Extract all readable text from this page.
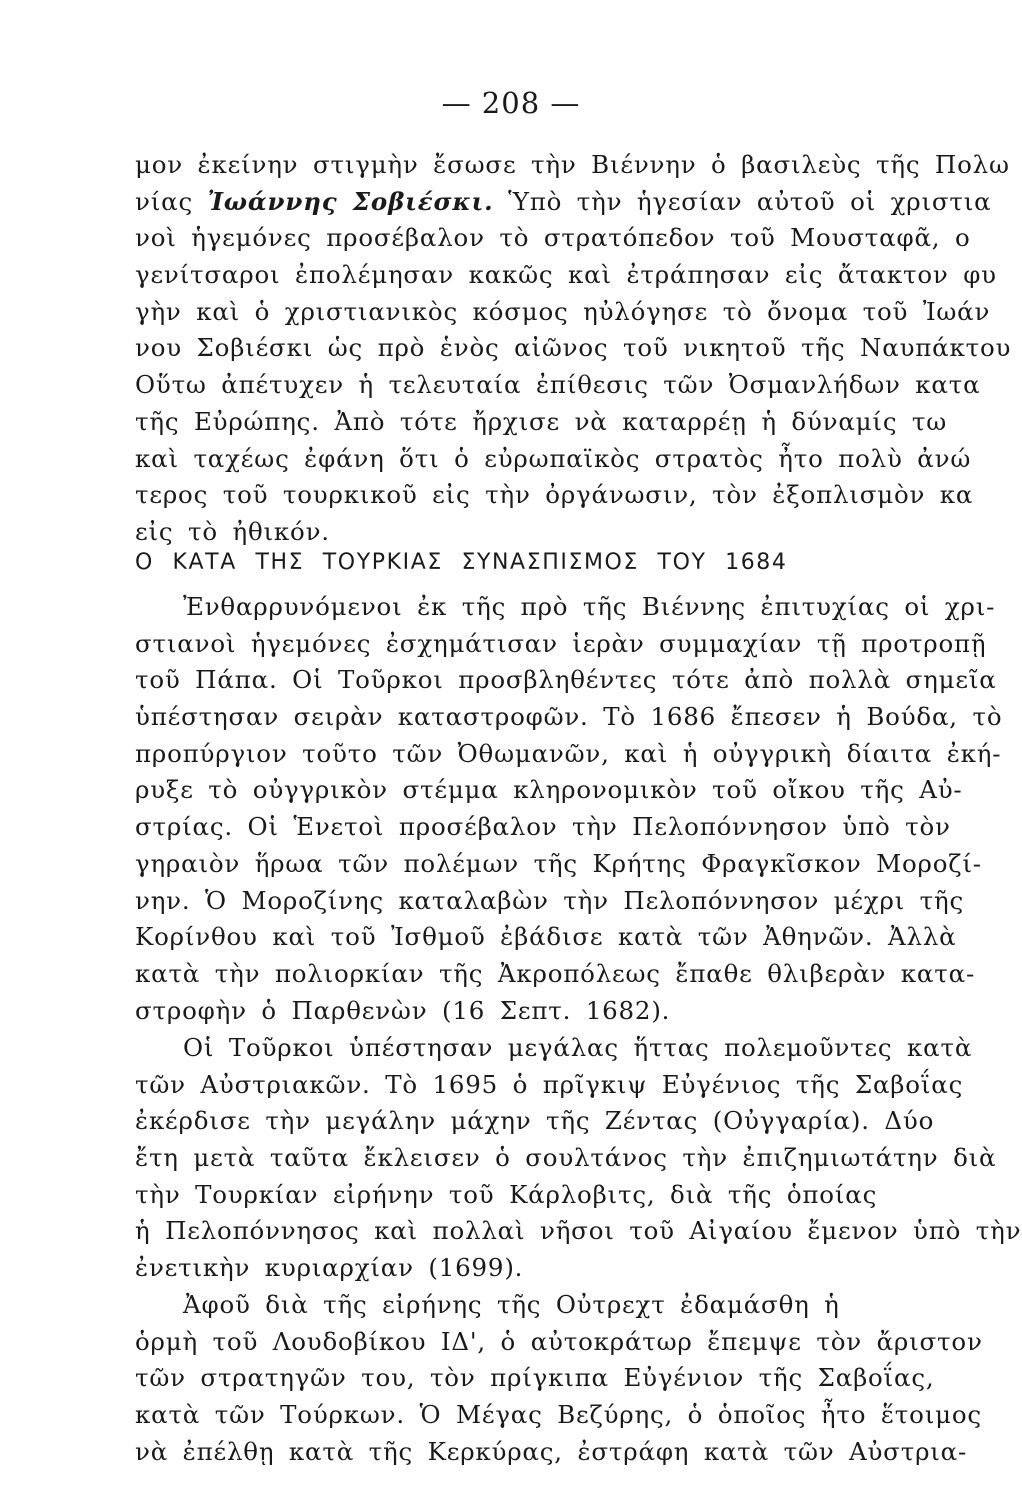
— 208 —
μον ἐκείνην στιγμὴν ἔσωσε τὴν Βιέννην ὁ βασιλεὺς τῆς Πολω
νίας Ἰωάννης Σοβιέσκι. Ὑπὸ τὴν ἡγεσίαν αὐτοῦ οἱ χριστια
νοὶ ἡγεμόνες προσέβαλον τὸ στρατόπεδον τοῦ Μουσταφᾶ, ο
γενίτσαροι ἐπολέμησαν κακῶς καὶ ἐτράπησαν εἰς ἄτακτον φυ
γὴν καὶ ὁ χριστιανικὸς κόσμος ηὐλόγησε τὸ ὄνομα τοῦ Ἰωάν
νου Σοβιέσκι ὡς πρὸ ἑνὸς αἰῶνος τοῦ νικητοῦ τῆς Ναυπάκτου
Οὕτω ἀπέτυχεν ἡ τελευταία ἐπίθεσις τῶν Ὀσμανλήδων κατα
τῆς Εὐρώπης. Ἀπὸ τότε ἤρχισε νὰ καταρρέῃ ἡ δύναμίς τω
καὶ ταχέως ἐφάνη ὅτι ὁ εὐρωπαϊκὸς στρατὸς ἦτο πολὺ ἀνώ
τερος τοῦ τουρκικοῦ εἰς τὴν ὀργάνωσιν, τὸν ἐξοπλισμὸν κα
εἰς τὸ ἠθικόν.
Ο ΚΑΤΑ ΤΗΣ ΤΟΥΡΚΙΑΣ ΣΥΝΑΣΠΙΣΜΟΣ ΤΟΥ 1684
Ἐνθαρρυνόμενοι ἐκ τῆς πρὸ τῆς Βιέννης ἐπιτυχίας οἱ χρι-
στιανοὶ ἡγεμόνες ἐσχημάτισαν ἱερὰν συμμαχίαν τῇ προτροπῇ
τοῦ Πάπα. Οἱ Τοῦρκοι προσβληθέντες τότε ἀπὸ πολλὰ σημεῖα
ὑπέστησαν σειρὰν καταστροφῶν. Τὸ 1686 ἔπεσεν ἡ Βούδα, τὸ
προπύργιον τοῦτο τῶν Ὀθωμανῶν, καὶ ἡ οὐγγρικὴ δίαιτα ἐκή-
ρυξε τὸ οὐγγρικὸν στέμμα κληρονομικὸν τοῦ οἴκου τῆς Αὐ-
στρίας. Οἱ Ἑνετοὶ προσέβαλον τὴν Πελοπόννησον ὑπὸ τὸν
γηραιὸν ἥρωα τῶν πολέμων τῆς Κρήτης Φραγκῖσκον Μοροζί-
νην. Ὁ Μοροζίνης καταλαβὼν τὴν Πελοπόννησον μέχρι τῆς
Κορίνθου καὶ τοῦ Ἰσθμοῦ ἐβάδισε κατὰ τῶν Ἀθηνῶν. Ἀλλὰ
κατὰ τὴν πολιορκίαν τῆς Ἀκροπόλεως ἔπαθε θλιβερὰν κατα-
στροφὴν ὁ Παρθενὼν (16 Σεπτ. 1682).
Οἱ Τοῦρκοι ὑπέστησαν μεγάλας ἥττας πολεμοῦντες κατὰ
τῶν Αὐστριακῶν. Τὸ 1695 ὁ πρῖγκιψ Εὐγένιος τῆς Σαβοΐας
ἐκέρδισε τὴν μεγάλην μάχην τῆς Ζέντας (Οὐγγαρία). Δύο
ἔτη μετὰ ταῦτα ἔκλεισεν ὁ σουλτάνος τὴν ἐπιζημιωτάτην διὰ
τὴν Τουρκίαν εἰρήνην τοῦ Κάρλοβιτς, διὰ τῆς ὁποίας
ἡ Πελοπόννησος καὶ πολλαὶ νῆσοι τοῦ Αἰγαίου ἔμενον ὑπὸ τὴν
ἐνετικὴν κυριαρχίαν (1699).
Ἀφοῦ διὰ τῆς εἰρήνης τῆς Οὐτρεχτ ἐδαμάσθη ἡ
ὁρμὴ τοῦ Λουδοβίκου ΙΔ', ὁ αὐτοκράτωρ ἔπεμψε τὸν ἄριστον
τῶν στρατηγῶν του, τὸν πρίγκιπα Εὐγένιον τῆς Σαβοΐας,
κατὰ τῶν Τούρκων. Ὁ Μέγας Βεζύρης, ὁ ὁποῖος ἦτο ἕτοιμος
νὰ ἐπέλθῃ κατὰ τῆς Κερκύρας, ἐστράφη κατὰ τῶν Αὐστρια-
